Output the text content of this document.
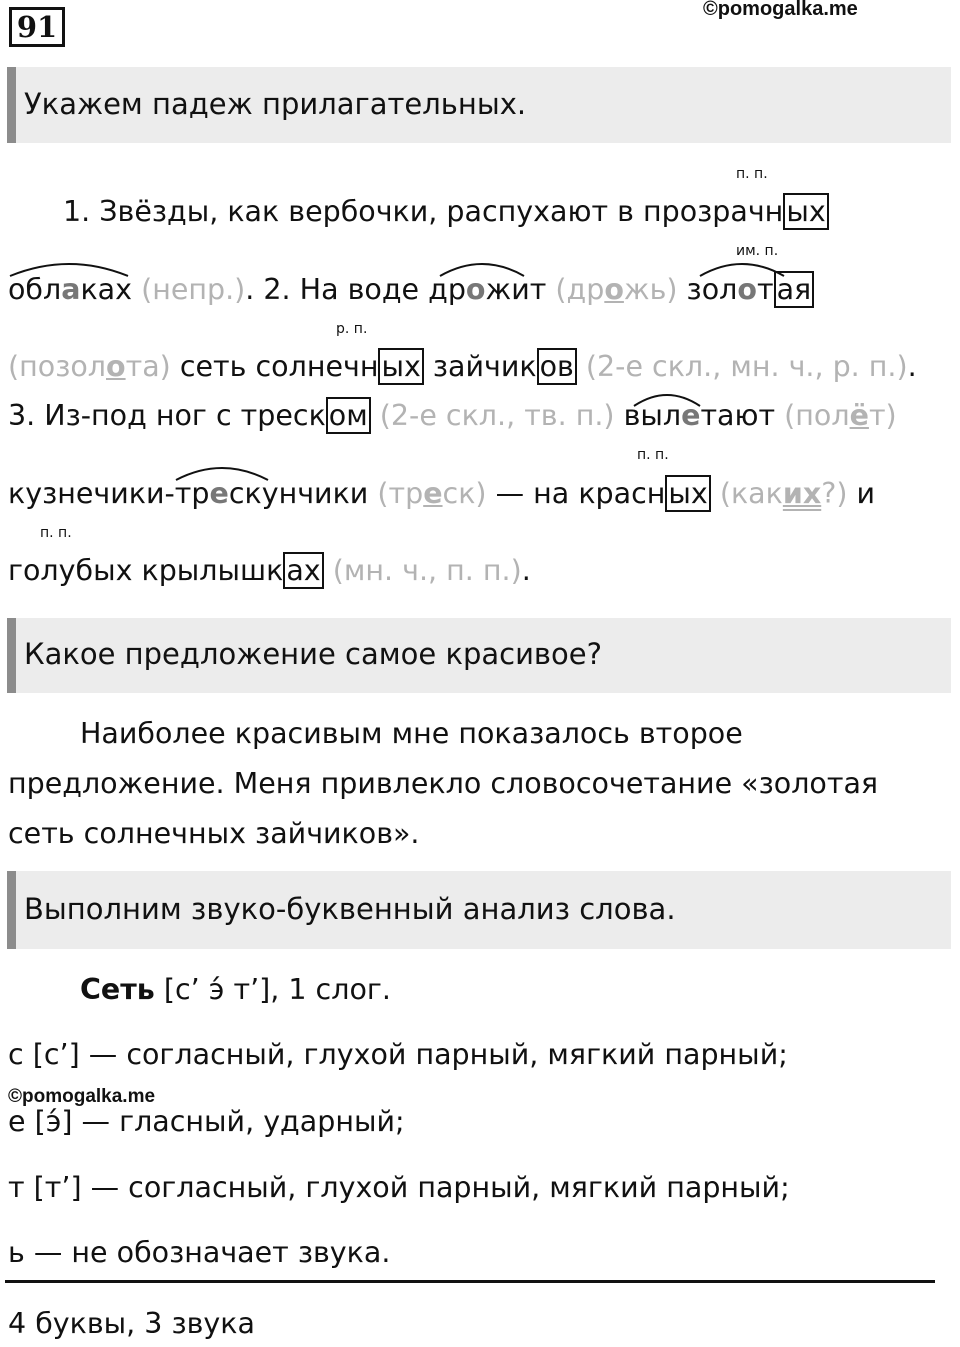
91
©pomogalka.me
Укажем падеж прилагательных.
п. п.
им. п.
р. п.
п. п.
п. п.
1. Звёзды, как вербочки, распухают в прозрачн ых
облаках (непр.). 2. На воде дрожит (дрожь) золот ая
(позолота) сеть солнечн ых зайчик ов (2-е скл., мн. ч., р. п.).
3. Из-под ног с треск ом (2-е скл., тв. п.) вылетают (полёт)
кузнечики-трескунчики (треск) — на красн ых (каких?) и
голубых крылышк ах (мн. ч., п. п.).
Какое предложение самое красивое?
Наиболее красивым мне показалось второе
предложение. Меня привлекло словосочетание «золотая
сеть солнечных зайчиков».
Выполним звуко-буквенный анализ слова.
Сеть [с’ э́ т’], 1 слог.
с [с’] — согласный, глухой парный, мягкий парный;
©pomogalka.me
е [э́] — гласный, ударный;
т [т’] — согласный, глухой парный, мягкий парный;
ь — не обозначает звука.
4 буквы, 3 звука
